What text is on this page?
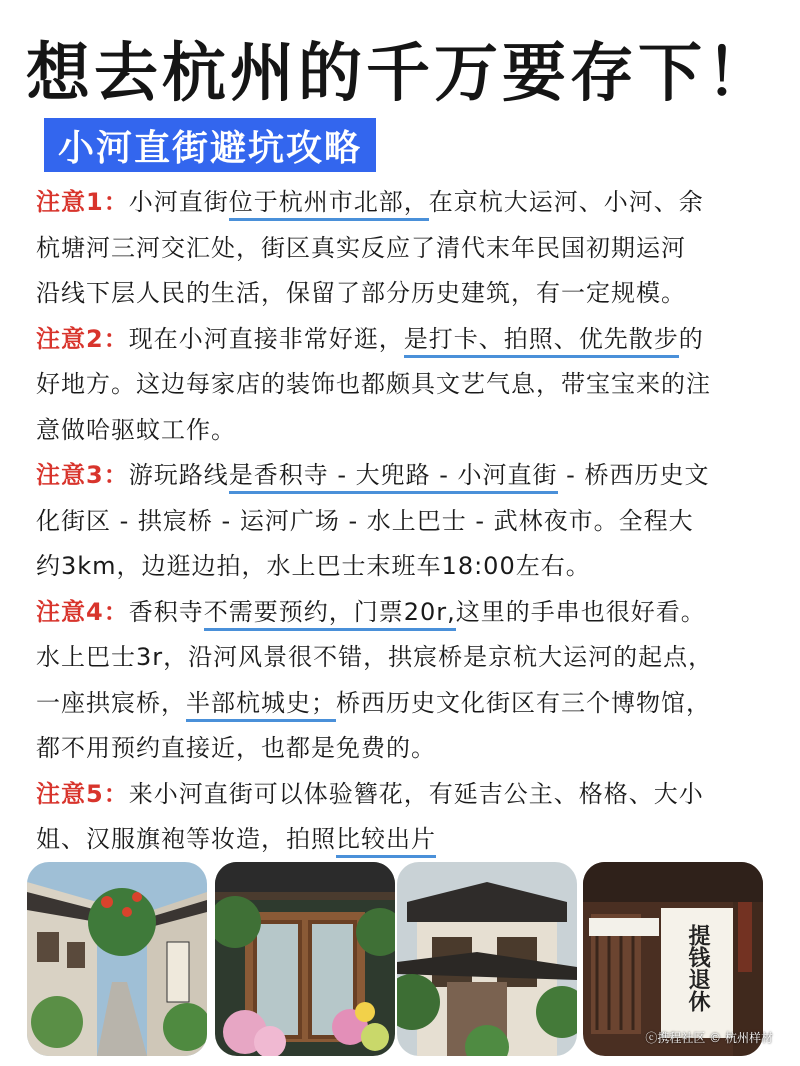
想去杭州的千万要存下！
小河直街避坑攻略
注意1：小河直街位于杭州市北部，在京杭大运河、小河、余
杭塘河三河交汇处，街区真实反应了清代末年民国初期运河
沿线下层人民的生活，保留了部分历史建筑，有一定规模。
注意2：现在小河直接非常好逛，是打卡、拍照、优先散步的
好地方。这边每家店的装饰也都颇具文艺气息，带宝宝来的注
意做哈驱蚊工作。
注意3：游玩路线是香积寺 - 大兜路 - 小河直街 - 桥西历史文
化街区 - 拱宸桥 - 运河广场 - 水上巴士 - 武林夜市。全程大
约3km，边逛边拍，水上巴士末班车18:00左右。
注意4：香积寺不需要预约，门票20r,这里的手串也很好看。
水上巴士3r，沿河风景很不错，拱宸桥是京杭大运河的起点，
一座拱宸桥，半部杭城史；桥西历史文化街区有三个博物馆，
都不用预约直接近，也都是免费的。
注意5：来小河直街可以体验簪花，有延吉公主、格格、大小
姐、汉服旗袍等妆造，拍照比较出片
提钱退休
ⓒ携程社区 © 杭州样材
